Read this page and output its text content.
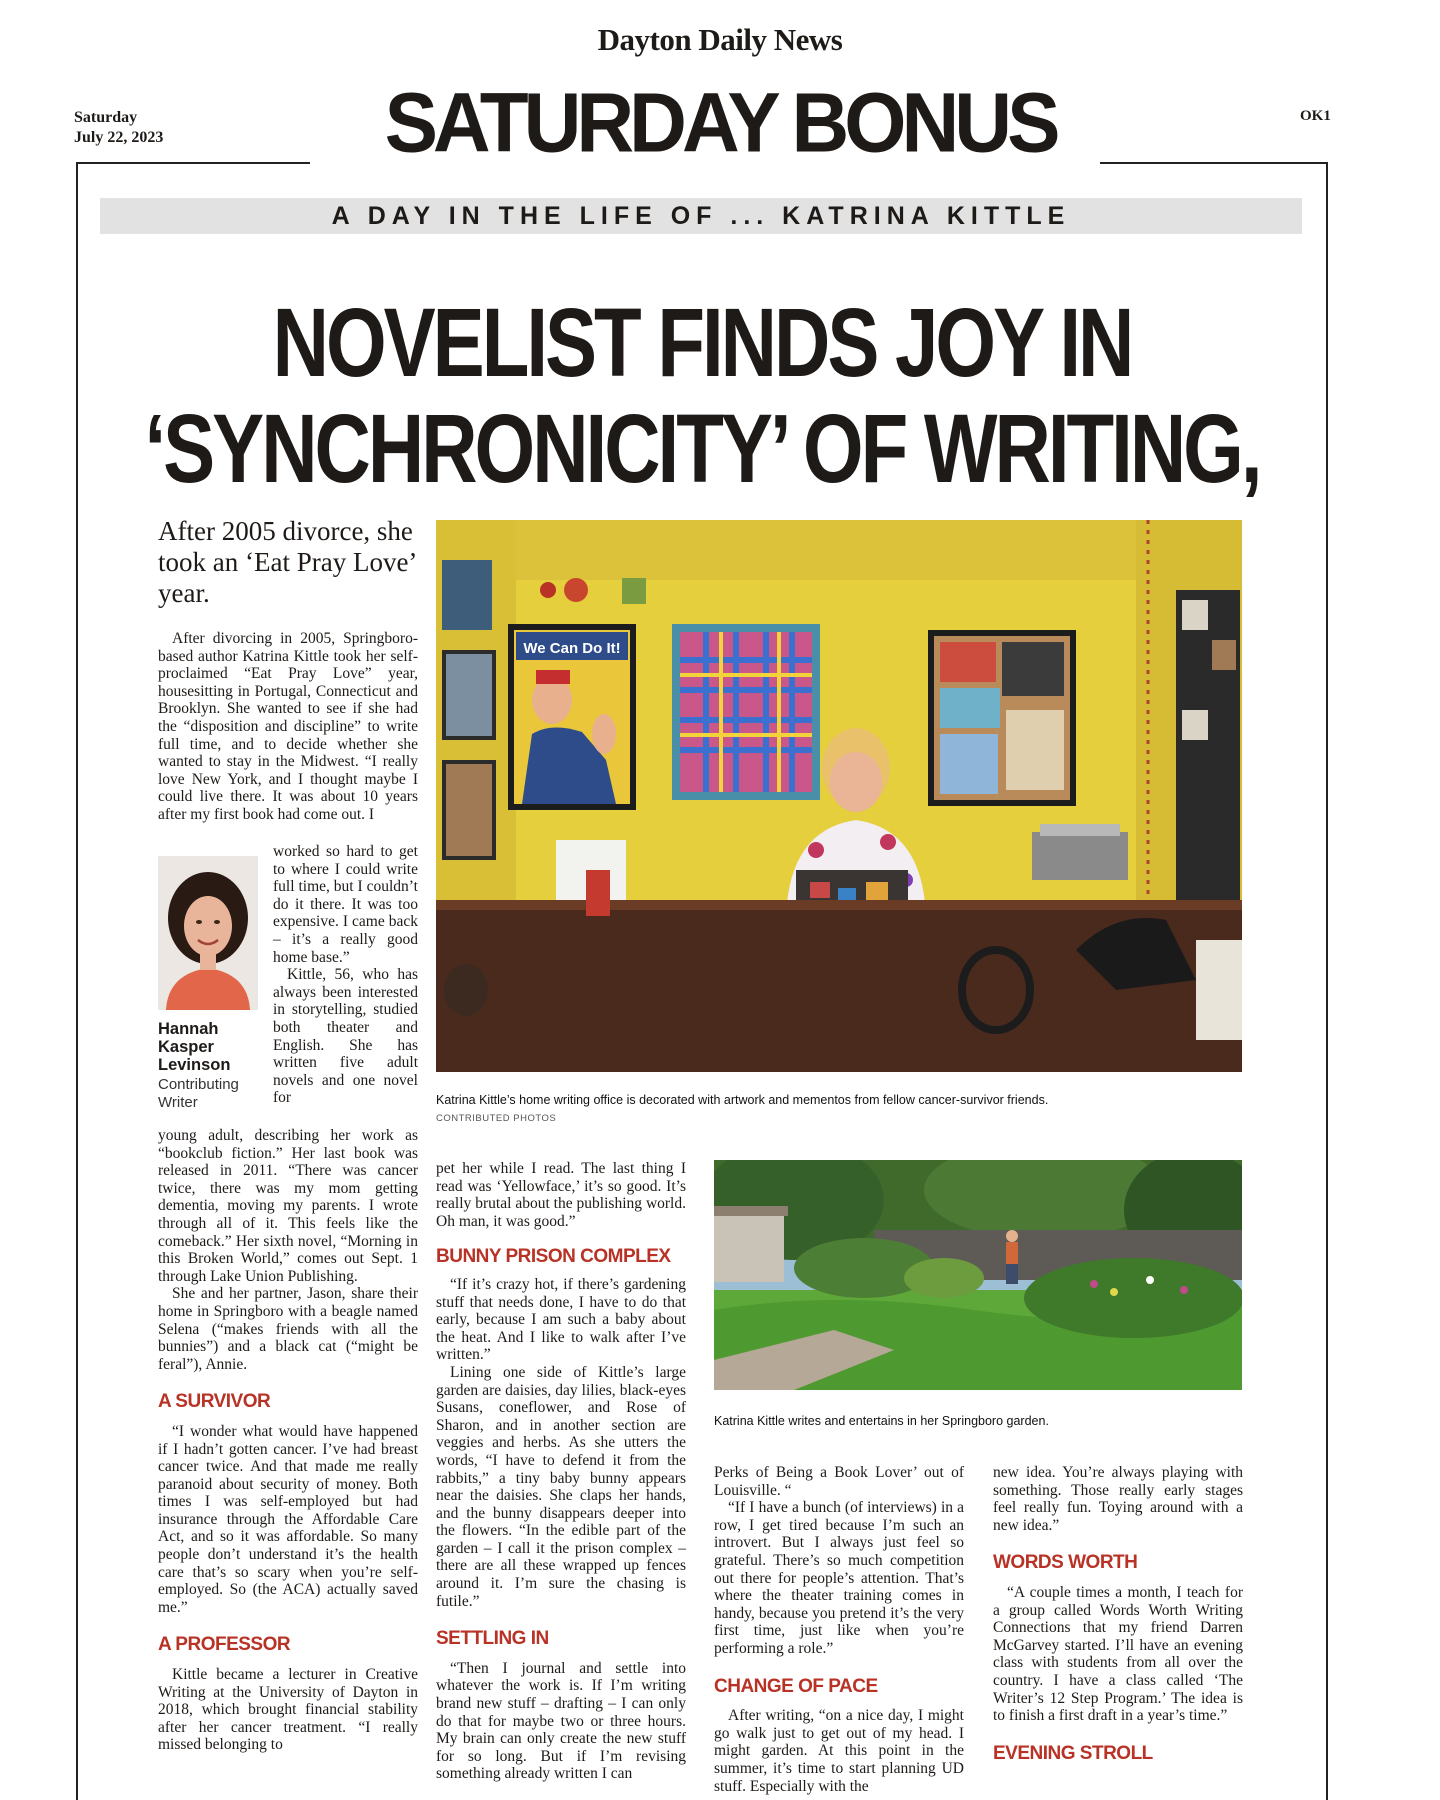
Dayton Daily News
Saturday
July 22, 2023	SATURDAY BONUS	OK1
A DAY IN THE LIFE OF ... KATRINA KITTLE
NOVELIST FINDS JOY IN
‘SYNCHRONICITY’ OF WRITING,
After 2005 divorce, she took an ‘Eat Pray Love’ year.
After divorcing in 2005, Springboro-based author Katrina Kittle took her self-proclaimed “Eat Pray Love” year, housesitting in Portugal, Connecticut and Brooklyn. She wanted to see if she had the “disposition and discipline” to write full time, and to decide whether she wanted to stay in the Midwest. “I really love New York, and I thought maybe I could live there. It was about 10 years after my first book had come out. I
worked so hard to get to where I could write full time, but I couldn’t do it there. It was too expensive. I came back – it’s a really good home base.”
Kittle, 56, who has always been interested in storytelling, studied both theater and English. She has written five adult novels and one novel for
Hannah
Kasper
Levinson
Contributing
Writer
young adult, describing her work as “bookclub fiction.” Her last book was released in 2011. “There was cancer twice, there was my mom getting dementia, moving my parents. I wrote through all of it. This feels like the comeback.” Her sixth novel, “Morning in this Broken World,” comes out Sept. 1 through Lake Union Publishing.
She and her partner, Jason, share their home in Springboro with a beagle named Selena (“makes friends with all the bunnies”) and a black cat (“might be feral”), Annie.
A SURVIVOR
“I wonder what would have happened if I hadn’t gotten cancer. I’ve had breast cancer twice. And that made me really paranoid about security of money. Both times I was self-employed but had insurance through the Affordable Care Act, and so it was affordable. So many people don’t understand it’s the health care that’s so scary when you’re self-employed. So (the ACA) actually saved me.”
A PROFESSOR
Kittle became a lecturer in Creative Writing at the University of Dayton in 2018, which brought financial stability after her cancer treatment. “I really missed belonging to
We Can Do It!
Katrina Kittle’s home writing office is decorated with artwork and mementos from fellow cancer-survivor friends.
CONTRIBUTED PHOTOS
pet her while I read. The last thing I read was ‘Yellowface,’ it’s so good. It’s really brutal about the publishing world. Oh man, it was good.”
BUNNY PRISON COMPLEX
“If it’s crazy hot, if there’s gardening stuff that needs done, I have to do that early, because I am such a baby about the heat. And I like to walk after I’ve written.”
Lining one side of Kittle’s large garden are daisies, day lilies, black-eyes Susans, coneflower, and Rose of Sharon, and in another section are veggies and herbs. As she utters the words, “I have to defend it from the rabbits,” a tiny baby bunny appears near the daisies. She claps her hands, and the bunny disappears deeper into the flowers. “In the edible part of the garden – I call it the prison complex – there are all these wrapped up fences around it. I’m sure the chasing is futile.”
SETTLING IN
“Then I journal and settle into whatever the work is. If I’m writing brand new stuff – drafting – I can only do that for maybe two or three hours. My brain can only create the new stuff for so long. But if I’m revising something already written I can
Katrina Kittle writes and entertains in her Springboro garden.
Perks of Being a Book Lover’ out of Louisville. “
“If I have a bunch (of interviews) in a row, I get tired because I’m such an introvert. But I always just feel so grateful. There’s so much competition out there for people’s attention. That’s where the theater training comes in handy, because you pretend it’s the very first time, just like when you’re performing a role.”
CHANGE OF PACE
After writing, “on a nice day, I might go walk just to get out of my head. I might garden. At this point in the summer, it’s time to start planning UD stuff. Especially with the
new idea. You’re always playing with something. Those really early stages feel really fun. Toying around with a new idea.”
WORDS WORTH
“A couple times a month, I teach for a group called Words Worth Writing Connections that my friend Darren McGarvey started. I’ll have an evening class with students from all over the country. I have a class called ‘The Writer’s 12 Step Program.’ The idea is to finish a first draft in a year’s time.”
EVENING STROLL
